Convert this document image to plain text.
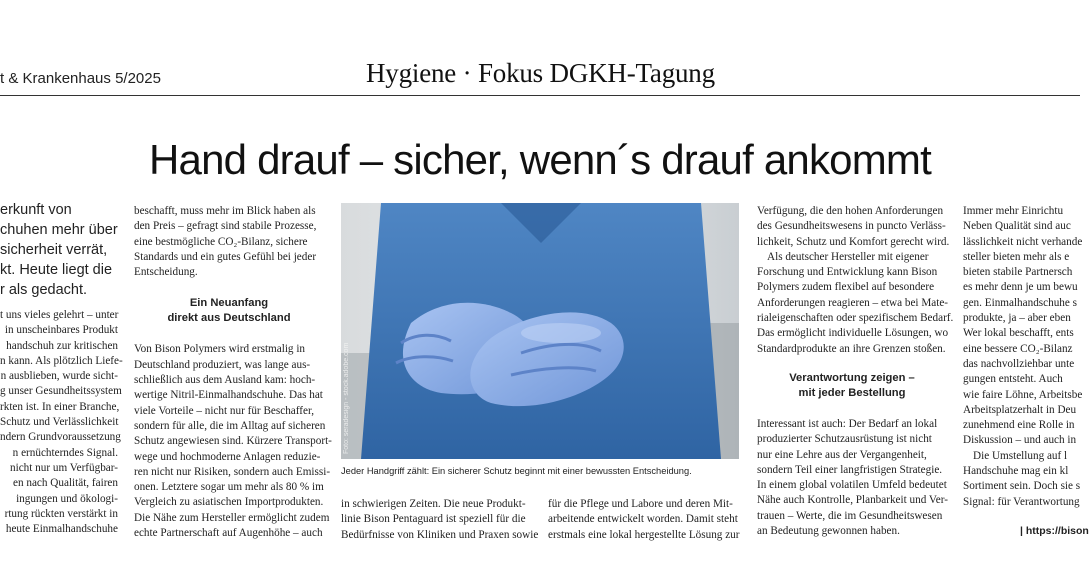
t & Krankenhaus 5/2025	Hygiene · Fokus DGKH-Tagung
Hand drauf – sicher, wenn´s drauf ankommt
erkunft von
chuhen mehr über
sicherheit verrät,
kt. Heute liegt die
r als gedacht.
t uns vieles gelehrt – unter
in unscheinbares Produkt
handschuh zur kritischen
n kann. Als plötzlich Liefe-
n ausblieben, wurde sicht-
g unser Gesundheitssystem
rkten ist. In einer Branche,
Schutz und Verlässlichkeit
ndern Grundvoraussetzung
n ernüchterndes Signal.
nicht nur um Verfügbar-
en nach Qualität, fairen
ingungen und ökologi-
rtung rückten verstärkt in
heute Einmalhandschuhe
beschafft, muss mehr im Blick haben als
den Preis – gefragt sind stabile Prozesse,
eine bestmögliche CO₂-Bilanz, sichere
Standards und ein gutes Gefühl bei jeder
Entscheidung.
Ein Neuanfang
direkt aus Deutschland
Von Bison Polymers wird erstmalig in
Deutschland produziert, was lange aus-
schließlich aus dem Ausland kam: hoch-
wertige Nitril-Einmalhandschuhe. Das hat
viele Vorteile – nicht nur für Beschaffer,
sondern für alle, die im Alltag auf sicheren
Schutz angewiesen sind. Kürzere Transport-
wege und hochmoderne Anlagen reduzie-
ren nicht nur Risiken, sondern auch Emissi-
onen. Letztere sogar um mehr als 80 % im
Vergleich zu asiatischen Importprodukten.
Die Nähe zum Hersteller ermöglicht zudem
echte Partnerschaft auf Augenhöhe – auch
Foto: seradesign - stock.adobe.com
Jeder Handgriff zählt: Ein sicherer Schutz beginnt mit einer bewussten Entscheidung.
in schwierigen Zeiten. Die neue Produkt-
linie Bison Pentaguard ist speziell für die
Bedürfnisse von Kliniken und Praxen sowie
für die Pflege und Labore und deren Mit-
arbeitende entwickelt worden. Damit steht
erstmals eine lokal hergestellte Lösung zur
Verfügung, die den hohen Anforderungen
des Gesundheitswesens in puncto Verläss-
lichkeit, Schutz und Komfort gerecht wird.
Als deutscher Hersteller mit eigener
Forschung und Entwicklung kann Bison
Polymers zudem flexibel auf besondere
Anforderungen reagieren – etwa bei Mate-
rialeigenschaften oder spezifischem Bedarf.
Das ermöglicht individuelle Lösungen, wo
Standardprodukte an ihre Grenzen stoßen.
Verantwortung zeigen –
mit jeder Bestellung
Interessant ist auch: Der Bedarf an lokal
produzierter Schutzausrüstung ist nicht
nur eine Lehre aus der Vergangenheit,
sondern Teil einer langfristigen Strategie.
In einem global volatilen Umfeld bedeutet
Nähe auch Kontrolle, Planbarkeit und Ver-
trauen – Werte, die im Gesundheitswesen
an Bedeutung gewonnen haben.
Immer mehr Einrichtu
Neben Qualität sind auc
lässlichkeit nicht verhande
steller bieten mehr als e
bieten stabile Partnersch
es mehr denn je um bewu
gen. Einmalhandschuhe s
produkte, ja – aber eben
Wer lokal beschafft, ents
eine bessere CO₂-Bilanz
das nachvollziehbar unte
gungen entsteht. Auch
wie faire Löhne, Arbeitsbe
Arbeitsplatzerhalt in Deu
zunehmend eine Rolle in
Diskussion – und auch in
Die Umstellung auf l
Handschuhe mag ein kl
Sortiment sein. Doch sie s
Signal: für Verantwortung
| https://bison
